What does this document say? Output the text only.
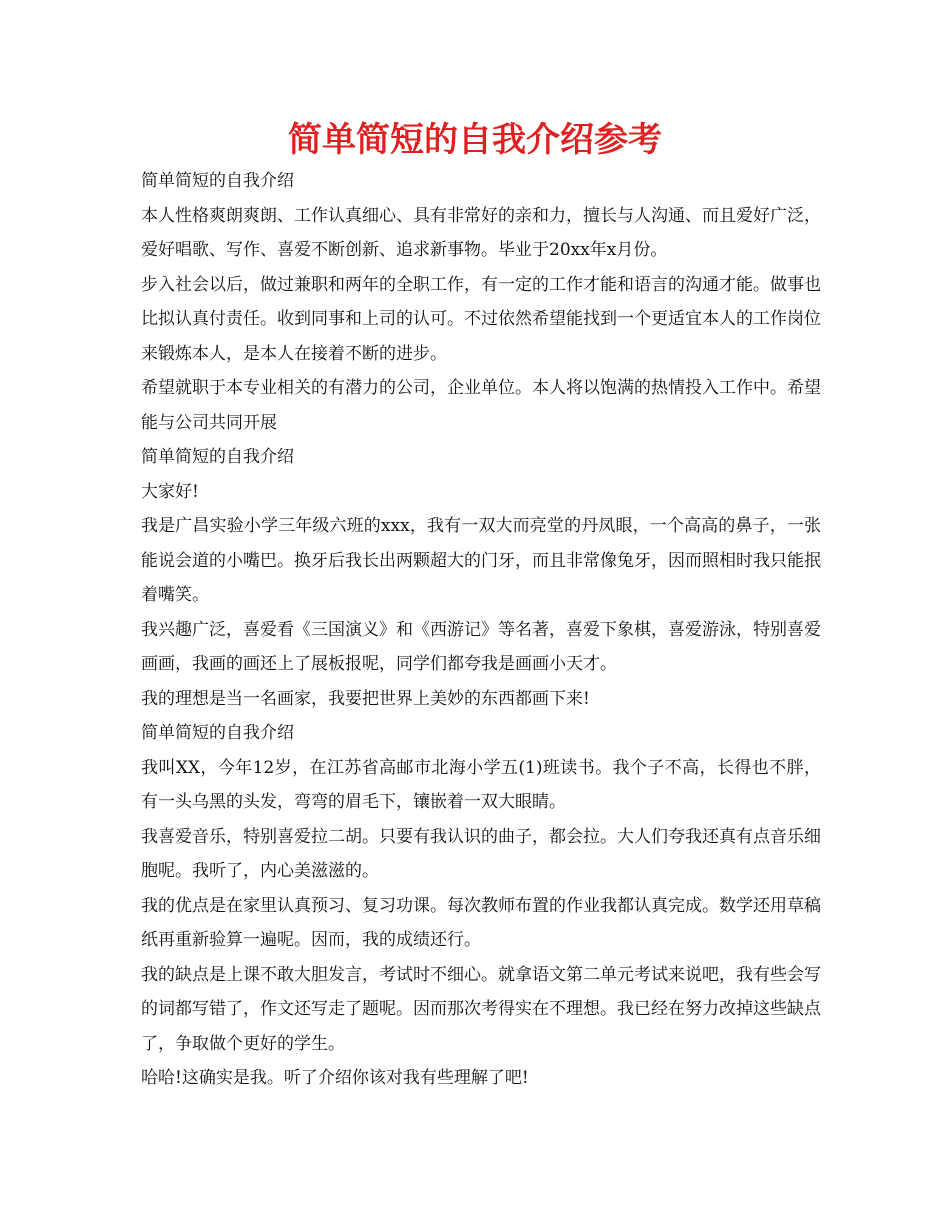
简单简短的自我介绍参考

简单简短的自我介绍

本人性格爽朗爽朗、工作认真细心、具有非常好的亲和力，擅长与人沟通、而且爱好广泛，爱好唱歌、写作、喜爱不断创新、追求新事物。毕业于20xx年x月份。

步入社会以后，做过兼职和两年的全职工作，有一定的工作才能和语言的沟通才能。做事也比拟认真付责任。收到同事和上司的认可。不过依然希望能找到一个更适宜本人的工作岗位来锻炼本人，是本人在接着不断的进步。

希望就职于本专业相关的有潜力的公司，企业单位。本人将以饱满的热情投入工作中。希望能与公司共同开展

简单简短的自我介绍

大家好!

我是广昌实验小学三年级六班的xxx，我有一双大而亮堂的丹凤眼，一个高高的鼻子，一张能说会道的小嘴巴。换牙后我长出两颗超大的门牙，而且非常像兔牙，因而照相时我只能抿着嘴笑。

我兴趣广泛，喜爱看《三国演义》和《西游记》等名著，喜爱下象棋，喜爱游泳，特别喜爱画画，我画的画还上了展板报呢，同学们都夸我是画画小天才。

我的理想是当一名画家，我要把世界上美妙的东西都画下来!

简单简短的自我介绍

我叫XX，今年12岁，在江苏省高邮市北海小学五(1)班读书。我个子不高，长得也不胖，有一头乌黑的头发，弯弯的眉毛下，镶嵌着一双大眼睛。

我喜爱音乐，特别喜爱拉二胡。只要有我认识的曲子，都会拉。大人们夸我还真有点音乐细胞呢。我听了，内心美滋滋的。

我的优点是在家里认真预习、复习功课。每次教师布置的作业我都认真完成。数学还用草稿纸再重新验算一遍呢。因而，我的成绩还行。

我的缺点是上课不敢大胆发言，考试时不细心。就拿语文第二单元考试来说吧，我有些会写的词都写错了，作文还写走了题呢。因而那次考得实在不理想。我已经在努力改掉这些缺点了，争取做个更好的学生。

哈哈!这确实是我。听了介绍你该对我有些理解了吧!
